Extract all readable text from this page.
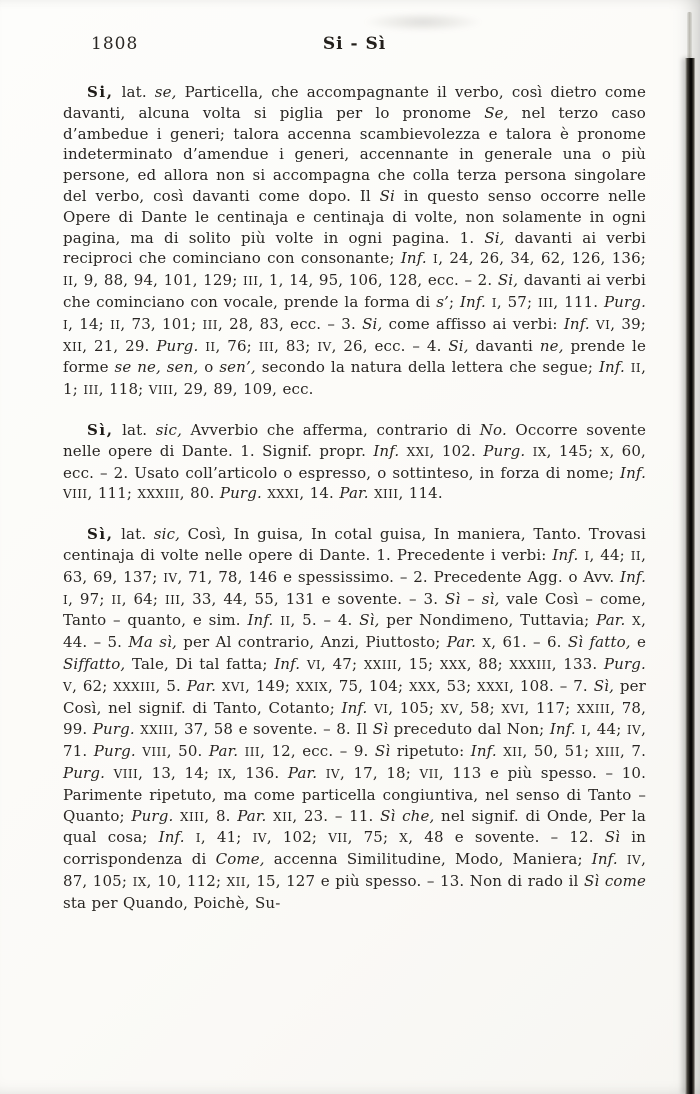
1808	Si - Sì

Si, lat. se, Particella, che accompagnante il verbo, così dietro come davanti, alcuna volta si piglia per lo pronome Se, nel terzo caso d’ambedue i generi; talora accenna scambievolezza e talora è pronome indeterminato d’amendue i generi, accennante in generale una o più persone, ed allora non si accompagna che colla terza persona singolare del verbo, così davanti come dopo. Il Si in questo senso occorre nelle Opere di Dante le centinaja e centinaja di volte, non solamente in ogni pagina, ma di solito più volte in ogni pagina. 1. Si, davanti ai verbi reciproci che cominciano con consonante; Inf. I, 24, 26, 34, 62, 126, 136; II, 9, 88, 94, 101, 129; III, 1, 14, 95, 106, 128, ecc. – 2. Si, davanti ai verbi che cominciano con vocale, prende la forma di s’; Inf. I, 57; III, 111. Purg. I, 14; II, 73, 101; III, 28, 83, ecc. – 3. Si, come affisso ai verbi: Inf. VI, 39; XII, 21, 29. Purg. II, 76; III, 83; IV, 26, ecc. – 4. Si, davanti ne, prende le forme se ne, sen, o sen’, secondo la natura della lettera che segue; Inf. II, 1; III, 118; VIII, 29, 89, 109, ecc.

Sì, lat. sic, Avverbio che afferma, contrario di No. Occorre sovente nelle opere di Dante. 1. Signif. propr. Inf. XXI, 102. Purg. IX, 145; X, 60, ecc. – 2. Usato coll’articolo o espresso, o sottinteso, in forza di nome; Inf. VIII, 111; XXXIII, 80. Purg. XXXI, 14. Par. XIII, 114.

Sì, lat. sic, Così, In guisa, In cotal guisa, In maniera, Tanto. Trovasi centinaja di volte nelle opere di Dante. 1. Precedente i verbi: Inf. I, 44; II, 63, 69, 137; IV, 71, 78, 146 e spessissimo. – 2. Precedente Agg. o Avv. Inf. I, 97; II, 64; III, 33, 44, 55, 131 e sovente. – 3. Sì – sì, vale Così – come, Tanto – quanto, e sim. Inf. II, 5. – 4. Sì, per Nondimeno, Tuttavia; Par. X, 44. – 5. Ma sì, per Al contrario, Anzi, Piuttosto; Par. X, 61. – 6. Sì fatto, e Siffatto, Tale, Di tal fatta; Inf. VI, 47; XXIII, 15; XXX, 88; XXXIII, 133. Purg. V, 62; XXXIII, 5. Par. XVI, 149; XXIX, 75, 104; XXX, 53; XXXI, 108. – 7. Sì, per Così, nel signif. di Tanto, Cotanto; Inf. VI, 105; XV, 58; XVI, 117; XXIII, 78, 99. Purg. XXIII, 37, 58 e sovente. – 8. Il Sì preceduto dal Non; Inf. I, 44; IV, 71. Purg. VIII, 50. Par. III, 12, ecc. – 9. Sì ripetuto: Inf. XII, 50, 51; XIII, 7. Purg. VIII, 13, 14; IX, 136. Par. IV, 17, 18; VII, 113 e più spesso. – 10. Parimente ripetuto, ma come particella congiuntiva, nel senso di Tanto – Quanto; Purg. XIII, 8. Par. XII, 23. – 11. Sì che, nel signif. di Onde, Per la qual cosa; Inf. I, 41; IV, 102; VII, 75; X, 48 e sovente. – 12. Sì in corrispondenza di Come, accenna Similitudine, Modo, Maniera; Inf. IV, 87, 105; IX, 10, 112; XII, 15, 127 e più spesso. – 13. Non di rado il Sì come sta per Quando, Poichè, Su-
